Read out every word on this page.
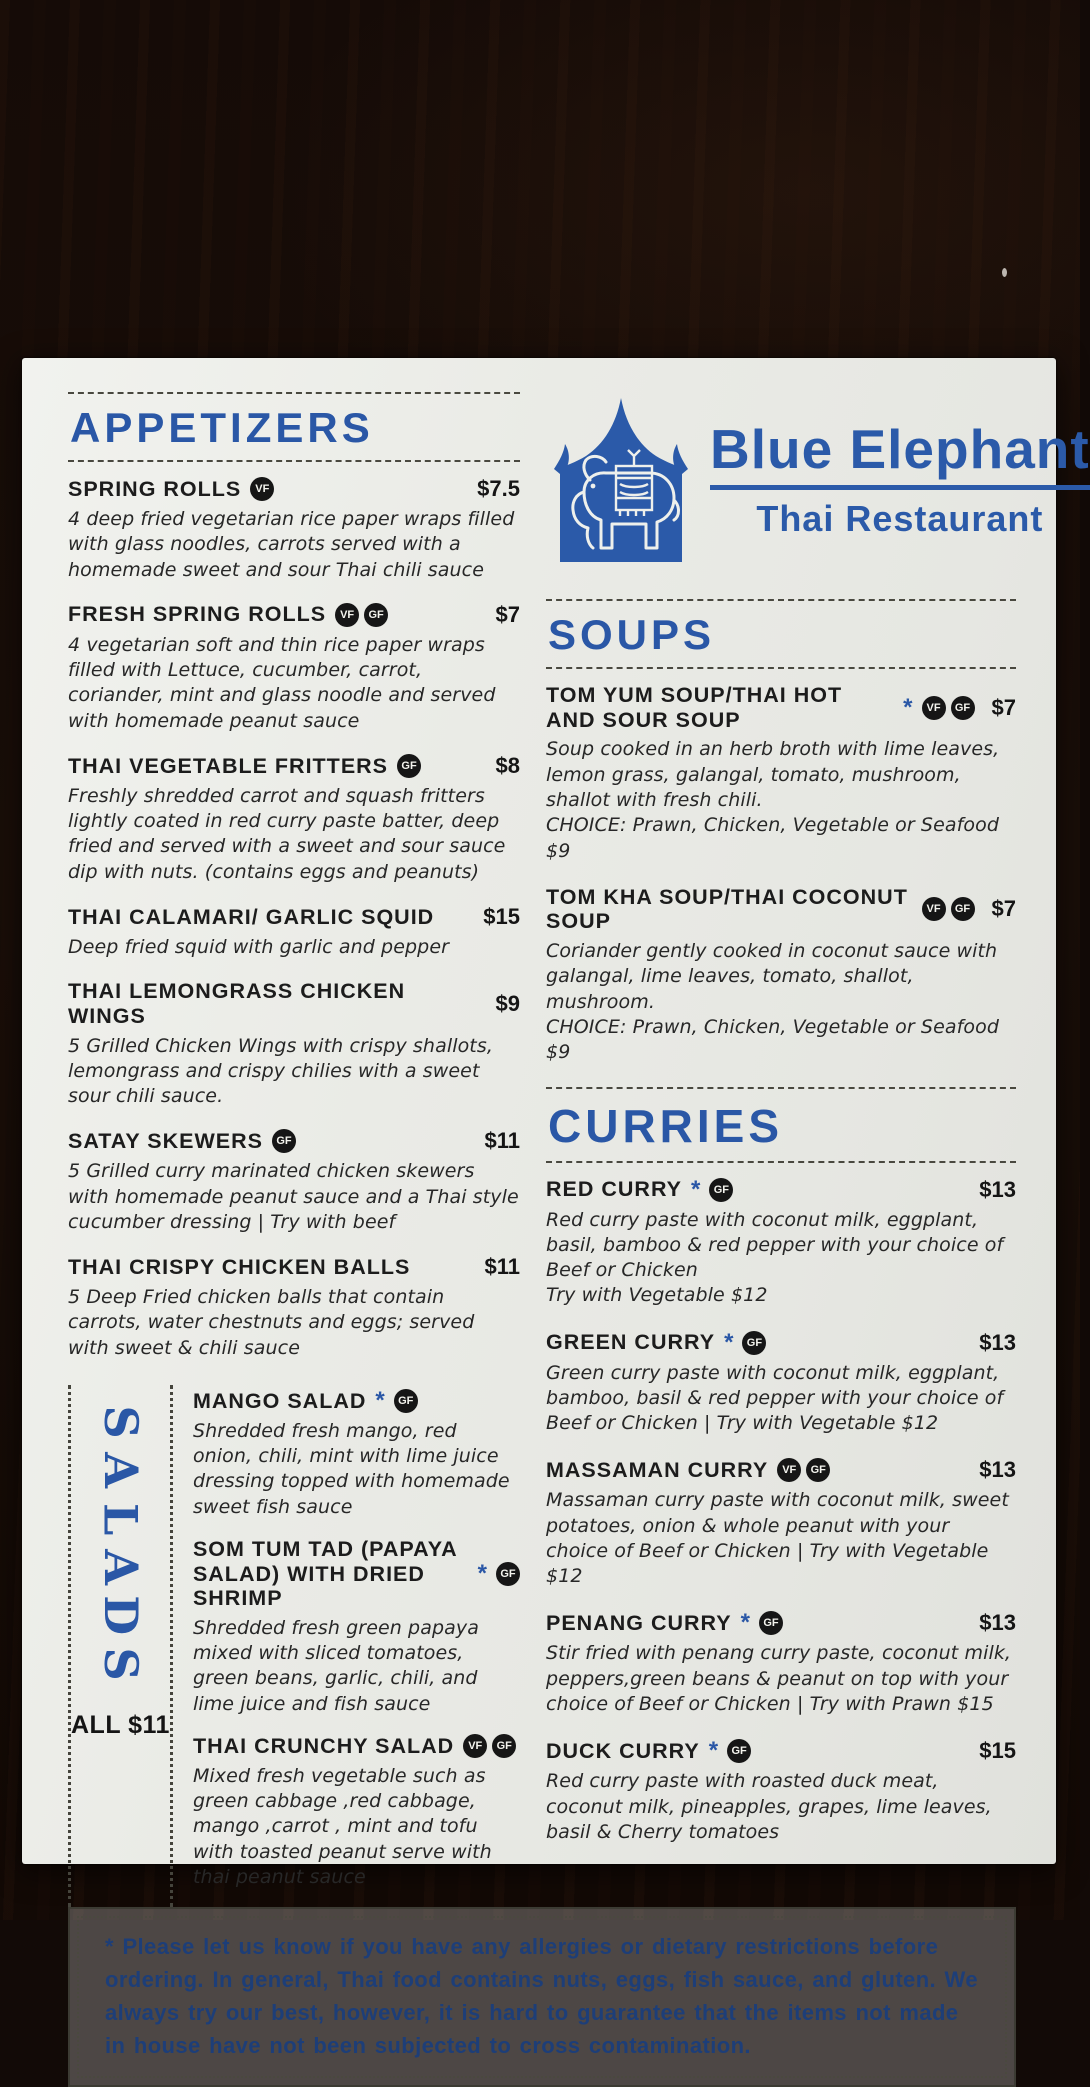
APPETIZERS
SPRING ROLLS	VF	$7.5
4 deep fried vegetarian rice paper wraps filled with glass noodles, carrots served with a homemade sweet and sour Thai chili sauce
FRESH SPRING ROLLS	VF	GF	$7
4 vegetarian soft and thin rice paper wraps filled with Lettuce, cucumber, carrot, coriander, mint and glass noodle and served with homemade peanut sauce
THAI VEGETABLE FRITTERS	GF	$8
Freshly shredded carrot and squash fritters lightly coated in red curry paste batter, deep fried and served with a sweet and sour sauce dip with nuts. (contains eggs and peanuts)
THAI CALAMARI/ GARLIC SQUID	$15
Deep fried squid with garlic and pepper
THAI LEMONGRASS CHICKEN WINGS	$9
5 Grilled Chicken Wings with crispy shallots, lemongrass and crispy chilies with a sweet sour chili sauce.
SATAY SKEWERS	GF	$11
5 Grilled curry marinated chicken skewers with homemade peanut sauce and a Thai style cucumber dressing | Try with beef
THAI CRISPY CHICKEN BALLS	$11
5 Deep Fried chicken balls that contain carrots, water chestnuts and eggs; served with sweet & chili sauce
S
A
L
A
D
S
ALL $11
MANGO SALAD *	GF
Shredded fresh mango, red onion, chili, mint with lime juice dressing topped with homemade sweet fish sauce
SOM TUM TAD (PAPAYA SALAD) WITH DRIED SHRIMP
*	GF
Shredded fresh green papaya mixed with sliced tomatoes, green beans, garlic, chili, and lime juice and fish sauce
THAI CRUNCHY SALAD	VF	GF
Mixed fresh vegetable such as green cabbage ,red cabbage, mango ,carrot , mint and tofu with toasted peanut serve with thai peanut sauce
Blue Elephant
Thai Restaurant
SOUPS
TOM YUM SOUP/THAI HOT AND SOUR SOUP	*	VF	GF $7
Soup cooked in an herb broth with lime leaves, lemon grass, galangal, tomato, mushroom, shallot with fresh chili.
CHOICE: Prawn, Chicken, Vegetable or Seafood $9
TOM KHA SOUP/THAI COCONUT SOUP	VF	GF $7
Coriander gently cooked in coconut sauce with galangal, lime leaves, tomato, shallot, mushroom.
CHOICE: Prawn, Chicken, Vegetable or Seafood $9
CURRIES
RED CURRY *	GF	$13
Red curry paste with coconut milk, eggplant, basil, bamboo & red pepper with your choice of Beef or Chicken
Try with Vegetable $12
GREEN CURRY *	GF	$13
Green curry paste with coconut milk, eggplant, bamboo, basil & red pepper with your choice of Beef or Chicken | Try with Vegetable $12
MASSAMAN CURRY	VF	GF	$13
Massaman curry paste with coconut milk, sweet potatoes, onion & whole peanut with your choice of Beef or Chicken | Try with Vegetable $12
PENANG CURRY *	GF	$13
Stir fried with penang curry paste, coconut milk, peppers,green beans & peanut on top with your choice of Beef or Chicken | Try with Prawn $15
DUCK CURRY *	GF	$15
Red curry paste with roasted duck meat, coconut milk, pineapples, grapes, lime leaves, basil & Cherry tomatoes
* Please let us know if you have any allergies or dietary restrictions before ordering. In general, Thai food contains nuts, eggs, fish sauce, and gluten. We always try our best, however, it is hard to guarantee that the items not made in house have not been subjected to cross contamination.
